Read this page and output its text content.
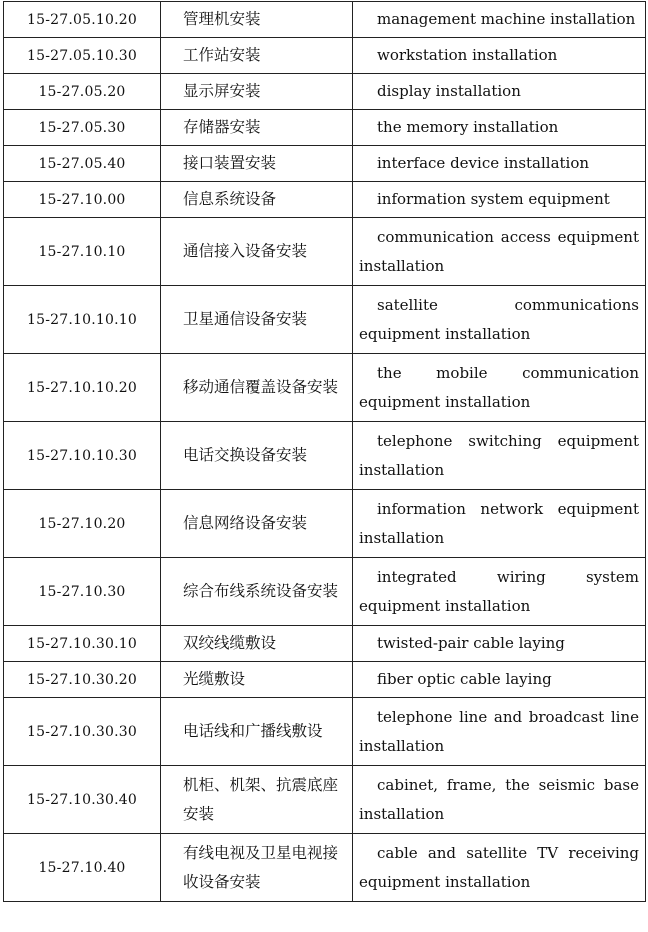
15-27.05.10.20	管理机安装	management machine installation

15-27.05.10.30	工作站安装	workstation installation

15-27.05.20	显示屏安装	display installation

15-27.05.30	存储器安装	the memory installation

15-27.05.40	接口装置安装	interface device installation

15-27.10.00	信息系统设备	information system equipment

15-27.10.10	通信接入设备安装	communication access equipment installation

15-27.10.10.10	卫星通信设备安装	satellite communications equipment installation

15-27.10.10.20	移动通信覆盖设备安装	the mobile communication equipment installation

15-27.10.10.30	电话交换设备安装	telephone switching equipment installation

15-27.10.20	信息网络设备安装	information network equipment installation

15-27.10.30	综合布线系统设备安装	integrated wiring system equipment installation

15-27.10.30.10	双绞线缆敷设	twisted-pair cable laying

15-27.10.30.20	光缆敷设	fiber optic cable laying

15-27.10.30.30	电话线和广播线敷设	telephone line and broadcast line installation

15-27.10.30.40	机柜、机架、抗震底座安装	cabinet, frame, the seismic base installation

15-27.10.40	有线电视及卫星电视接收设备安装	cable and satellite TV receiving equipment installation
